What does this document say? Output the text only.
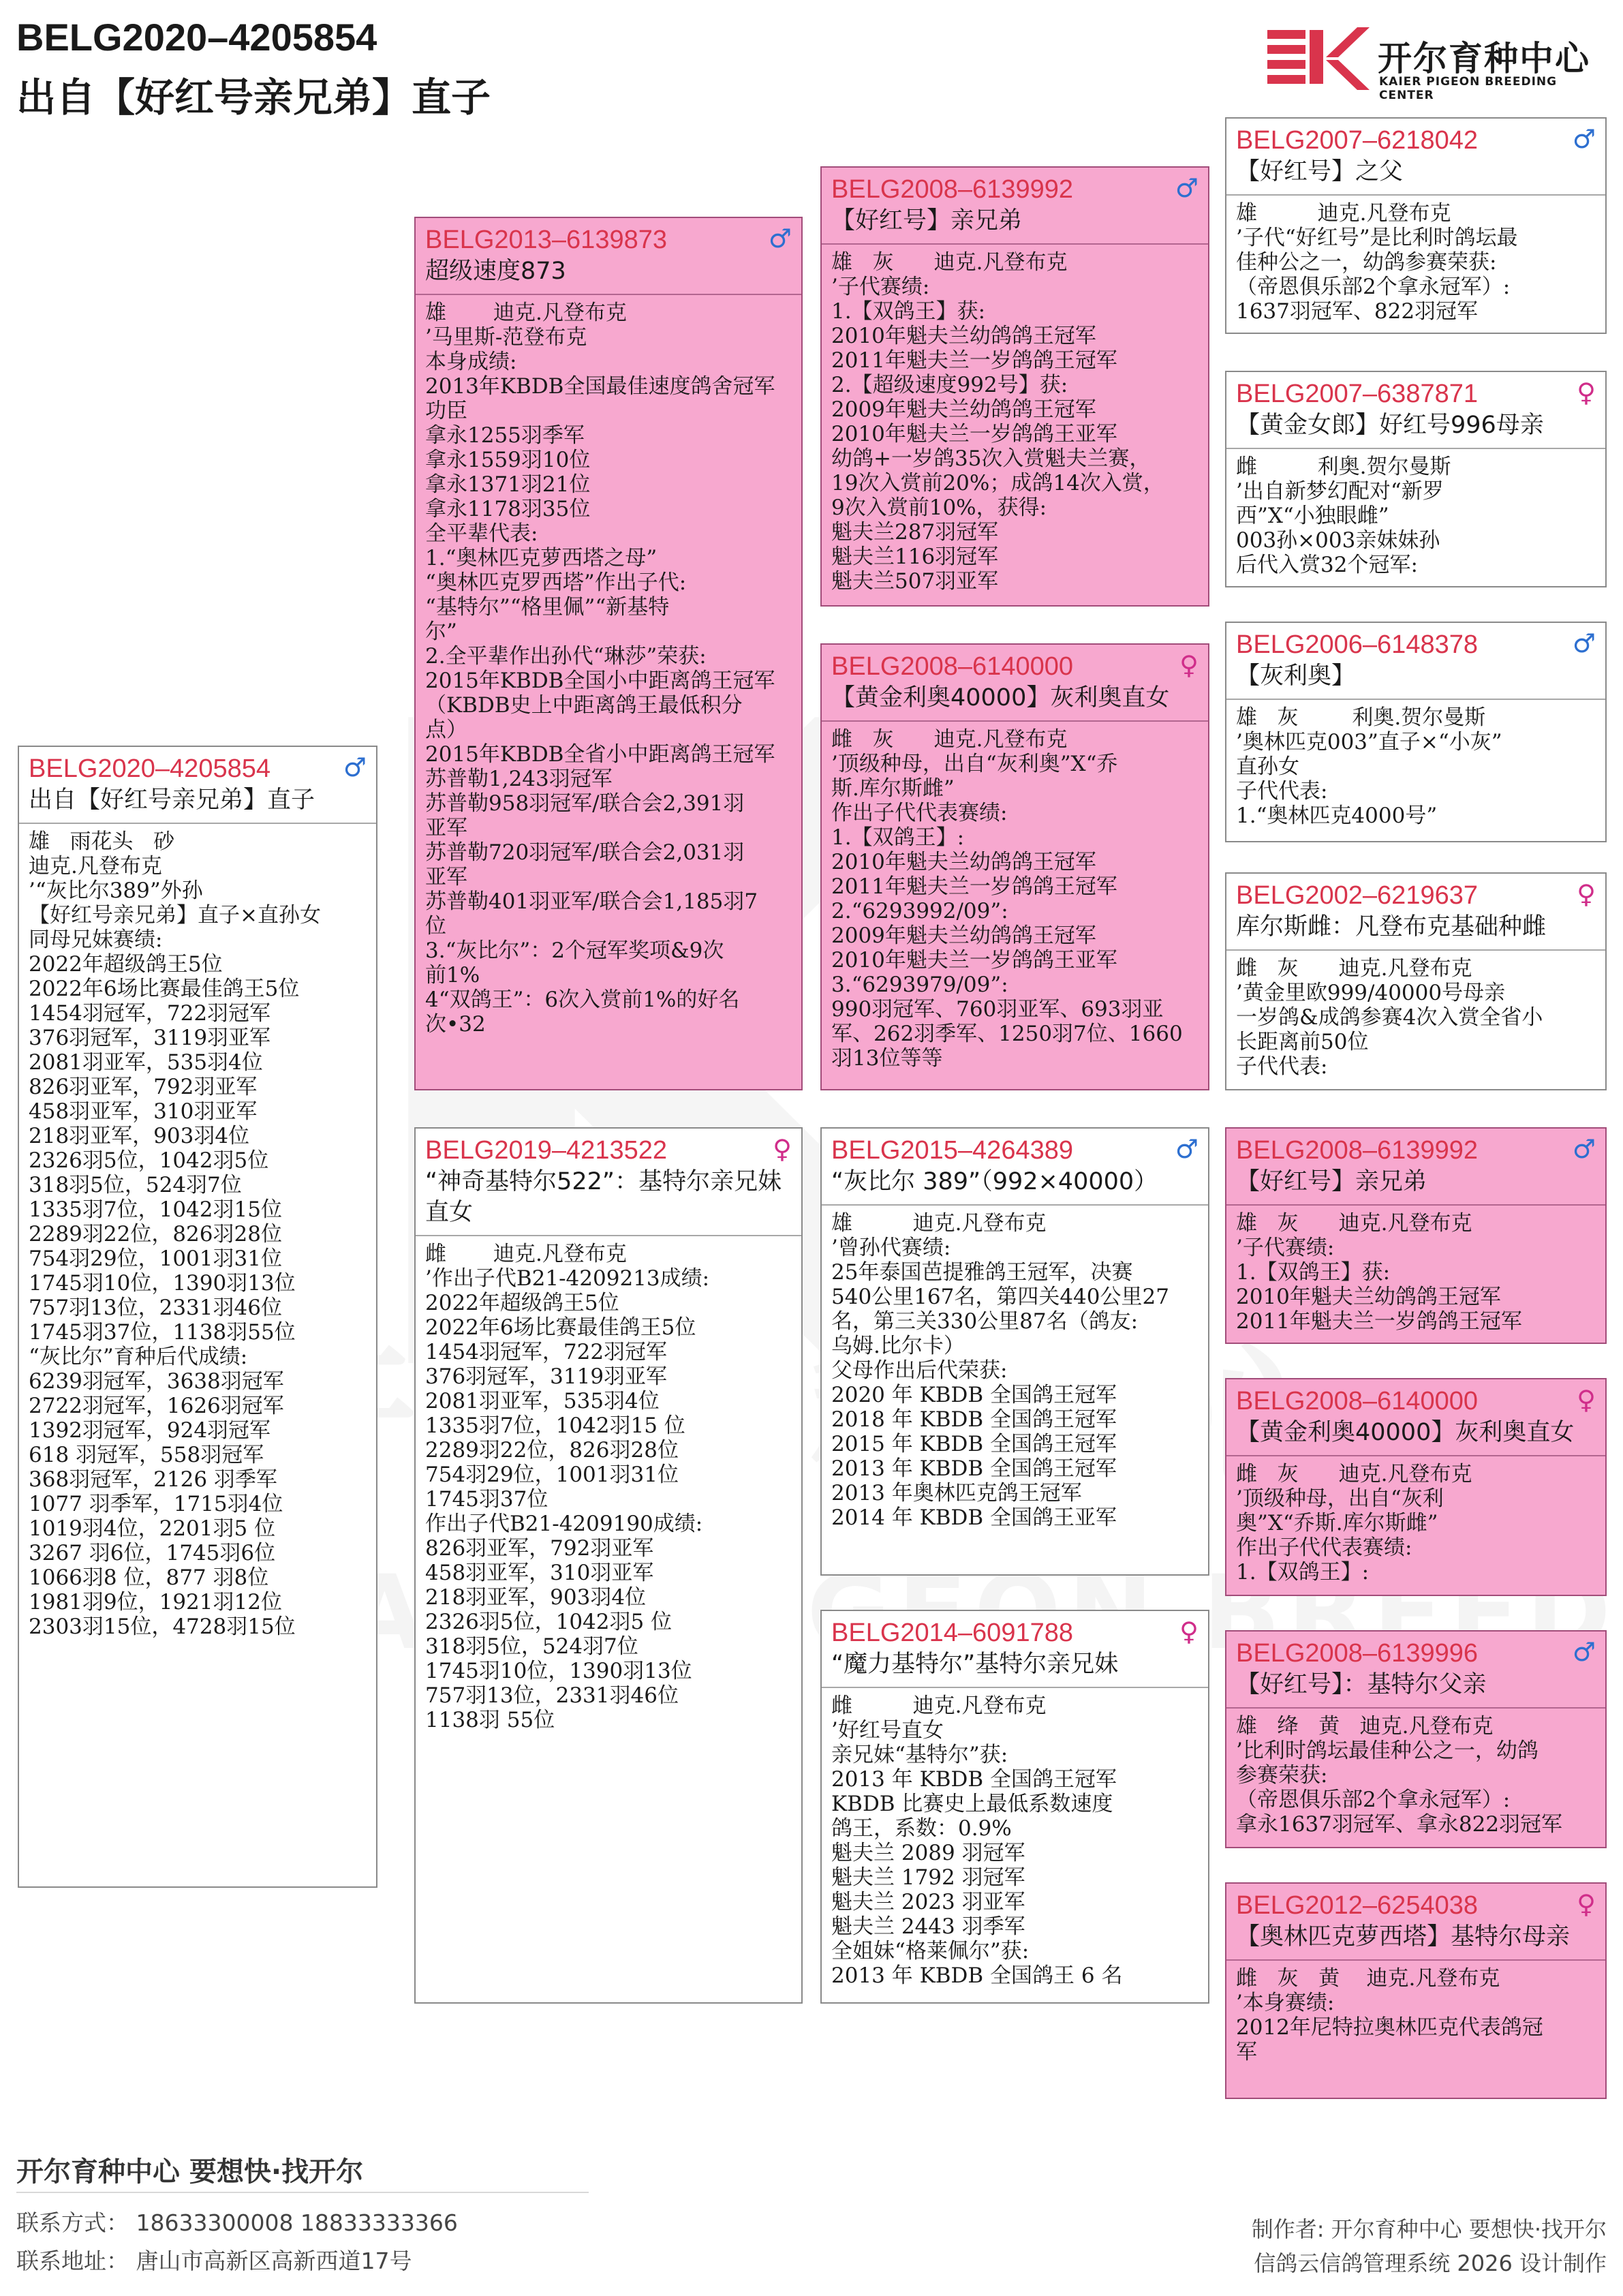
BELG2020–4205854
出自【好红号亲兄弟】直子
开尔育种中心
KAIER PIGEON BREEDING CENTER
BELG2020–4205854	♂
出自【好红号亲兄弟】直子
雄   雨花头   砂
迪克.凡登布克
’“灰比尔389”外孙
【好红号亲兄弟】直子×直孙女
同母兄妹赛绩:
2022年超级鸽王5位
2022年6场比赛最佳鸽王5位
1454羽冠军，722羽冠军
376羽冠军，3119羽亚军
2081羽亚军，535羽4位
826羽亚军，792羽亚军
458羽亚军，310羽亚军
218羽亚军，903羽4位
2326羽5位，1042羽5位
318羽5位，524羽7位
1335羽7位，1042羽15位
2289羽22位，826羽28位
754羽29位，1001羽31位
1745羽10位，1390羽13位
757羽13位，2331羽46位
1745羽37位，1138羽55位
“灰比尔”育种后代成绩:
6239羽冠军，3638羽冠军
2722羽冠军，1626羽冠军
1392羽冠军，924羽冠军
618 羽冠军，558羽冠军
368羽冠军，2126 羽季军
1077 羽季军，1715羽4位
1019羽4位，2201羽5 位
3267 羽6位，1745羽6位
1066羽8 位，877 羽8位
1981羽9位，1921羽12位
2303羽15位，4728羽15位
BELG2013–6139873	♂
超级速度873
雄       迪克.凡登布克
’马里斯-范登布克
本身成绩:
2013年KBDB全国最佳速度鸽舍冠军
功臣
拿永1255羽季军
拿永1559羽10位
拿永1371羽21位
拿永1178羽35位
全平辈代表:
1.“奥林匹克萝西塔之母”
“奥林匹克罗西塔”作出子代:
“基特尔”“格里佩”“新基特
尔”
2.全平辈作出孙代“琳莎”荣获:
2015年KBDB全国小中距离鸽王冠军
（KBDB史上中距离鸽王最低积分
点）
2015年KBDB全省小中距离鸽王冠军
苏普勒1,243羽冠军
苏普勒958羽冠军/联合会2,391羽
亚军
苏普勒720羽冠军/联合会2,031羽
亚军
苏普勒401羽亚军/联合会1,185羽7
位
3.“灰比尔”：2个冠军奖项&9次
前1%
4“双鸽王”：6次入赏前1%的好名
次•32
BELG2019–4213522	♀
“神奇基特尔522”：基特尔亲兄妹直女
雌       迪克.凡登布克
’作出子代B21-4209213成绩:
2022年超级鸽王5位
2022年6场比赛最佳鸽王5位
1454羽冠军，722羽冠军
376羽冠军，3119羽亚军
2081羽亚军，535羽4位
1335羽7位，1042羽15 位
2289羽22位，826羽28位
754羽29位，1001羽31位
1745羽37位
作出子代B21-4209190成绩:
826羽亚军，792羽亚军
458羽亚军，310羽亚军
218羽亚军，903羽4位
2326羽5位，1042羽5 位
318羽5位，524羽7位
1745羽10位，1390羽13位
757羽13位，2331羽46位
1138羽 55位
BELG2008–6139992	♂
【好红号】亲兄弟
雄   灰      迪克.凡登布克
’子代赛绩:
1.【双鸽王】获:
2010年魁夫兰幼鸽鸽王冠军
2011年魁夫兰一岁鸽鸽王冠军
2.【超级速度992号】获:
2009年魁夫兰幼鸽鸽王冠军
2010年魁夫兰一岁鸽鸽王亚军
幼鸽+一岁鸽35次入赏魁夫兰赛，
19次入赏前20%；成鸽14次入赏，
9次入赏前10%，获得:
魁夫兰287羽冠军
魁夫兰116羽冠军
魁夫兰507羽亚军
BELG2008–6140000	♀
【黄金利奥40000】灰利奥直女
雌   灰      迪克.凡登布克
’顶级种母，出自“灰利奥”X“乔
斯.库尔斯雌”
作出子代代表赛绩:
1.【双鸽王】:
2010年魁夫兰幼鸽鸽王冠军
2011年魁夫兰一岁鸽鸽王冠军
2.“6293992/09”:
2009年魁夫兰幼鸽鸽王冠军
2010年魁夫兰一岁鸽鸽王亚军
3.“6293979/09”:
990羽冠军、760羽亚军、693羽亚
军、262羽季军、1250羽7位、1660
羽13位等等
BELG2015–4264389	♂
“灰比尔 389”（992×40000）
雄         迪克.凡登布克
’曾孙代赛绩:
25年泰国芭提雅鸽王冠军，决赛
540公里167名，第四关440公里27
名，第三关330公里87名（鸽友:
乌姆.比尔卡）
父母作出后代荣获:
2020 年 KBDB 全国鸽王冠军
2018 年 KBDB 全国鸽王冠军
2015 年 KBDB 全国鸽王冠军
2013 年 KBDB 全国鸽王冠军
2013 年奥林匹克鸽王冠军
2014 年 KBDB 全国鸽王亚军
BELG2014–6091788	♀
“魔力基特尔”基特尔亲兄妹
雌         迪克.凡登布克
’好红号直女
亲兄妹“基特尔”获:
2013 年 KBDB 全国鸽王冠军
KBDB 比赛史上最低系数速度
鸽王，系数：0.9%
魁夫兰 2089 羽冠军
魁夫兰 1792 羽冠军
魁夫兰 2023 羽亚军
魁夫兰 2443 羽季军
全姐妹“格莱佩尔”获:
2013 年 KBDB 全国鸽王 6 名
BELG2007–6218042	♂
【好红号】之父
雄         迪克.凡登布克
’子代“好红号”是比利时鸽坛最
佳种公之一，幼鸽参赛荣获:
（帝恩俱乐部2个拿永冠军）:
1637羽冠军、822羽冠军
BELG2007–6387871	♀
【黄金女郎】好红号996母亲
雌         利奥.贺尔曼斯
’出自新梦幻配对“新罗
西”X“小独眼雌”
003孙×003亲妹妹孙
后代入赏32个冠军:
BELG2006–6148378	♂
【灰利奥】
雄   灰        利奥.贺尔曼斯
’奥林匹克003”直子×“小灰”
直孙女
子代代表:
1.“奥林匹克4000号”
BELG2002–6219637	♀
库尔斯雌：凡登布克基础种雌
雌   灰      迪克.凡登布克
’黄金里欧999/40000号母亲
一岁鸽&成鸽参赛4次入赏全省小
长距离前50位
子代代表:
BELG2008–6139992	♂
【好红号】亲兄弟
雄   灰      迪克.凡登布克
’子代赛绩:
1.【双鸽王】获:
2010年魁夫兰幼鸽鸽王冠军
2011年魁夫兰一岁鸽鸽王冠军
BELG2008–6140000	♀
【黄金利奥40000】灰利奥直女
雌   灰      迪克.凡登布克
’顶级种母，出自“灰利
奥”X“乔斯.库尔斯雌”
作出子代代表赛绩:
1.【双鸽王】:
BELG2008–6139996	♂
【好红号】：基特尔父亲
雄   绛   黄   迪克.凡登布克
’比利时鸽坛最佳种公之一，幼鸽
参赛荣获:
（帝恩俱乐部2个拿永冠军）:
拿永1637羽冠军、拿永822羽冠军
BELG2012–6254038	♀
【奥林匹克萝西塔】基特尔母亲
雌   灰   黄    迪克.凡登布克
’本身赛绩:
2012年尼特拉奥林匹克代表鸽冠
军
开尔育种中心 要想快·找开尔
联系方式： 18633300008 18833333366
联系地址： 唐山市高新区高新西道17号
制作者: 开尔育种中心 要想快·找开尔
信鸽云信鸽管理系统 2026 设计制作
